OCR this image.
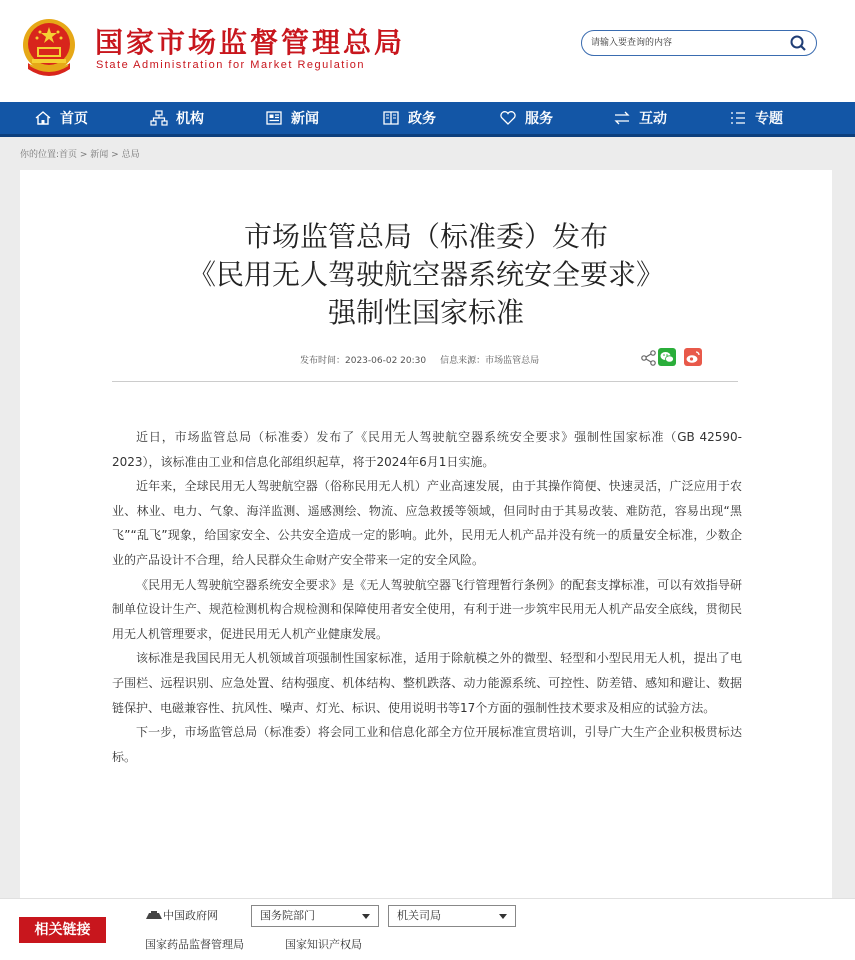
国家市场监督管理总局
State Administration for Market Regulation
请输入要查询的内容
首页	机构	新闻	政务	服务	互动	专题
你的位置:首页 > 新闻 > 总局
市场监管总局（标准委）发布
《民用无人驾驶航空器系统安全要求》
强制性国家标准
发布时间：2023-06-02 20:30 信息来源：市场监管总局

近日，市场监管总局（标准委）发布了《民用无人驾驶航空器系统安全要求》强制性国家标准（GB 42590-2023），该标准由工业和信息化部组织起草，将于2024年6月1日实施。

近年来，全球民用无人驾驶航空器（俗称民用无人机）产业高速发展，由于其操作简便、快速灵活，广泛应用于农业、林业、电力、气象、海洋监测、遥感测绘、物流、应急救援等领域，但同时由于其易改装、难防范，容易出现“黑飞”“乱飞”现象，给国家安全、公共安全造成一定的影响。此外，民用无人机产品并没有统一的质量安全标准，少数企业的产品设计不合理，给人民群众生命财产安全带来一定的安全风险。

《民用无人驾驶航空器系统安全要求》是《无人驾驶航空器飞行管理暂行条例》的配套支撑标准，可以有效指导研制单位设计生产、规范检测机构合规检测和保障使用者安全使用，有利于进一步筑牢民用无人机产品安全底线，贯彻民用无人机管理要求，促进民用无人机产业健康发展。

该标准是我国民用无人机领域首项强制性国家标准，适用于除航模之外的微型、轻型和小型民用无人机，提出了电子围栏、远程识别、应急处置、结构强度、机体结构、整机跌落、动力能源系统、可控性、防差错、感知和避让、数据链保护、电磁兼容性、抗风性、噪声、灯光、标识、使用说明书等17个方面的强制性技术要求及相应的试验方法。

下一步，市场监管总局（标准委）将会同工业和信息化部全方位开展标准宣贯培训，引导广大生产企业积极贯标达标。

相关链接
中国政府网	国务院部门	机关司局
国家药品监督管理局	国家知识产权局
